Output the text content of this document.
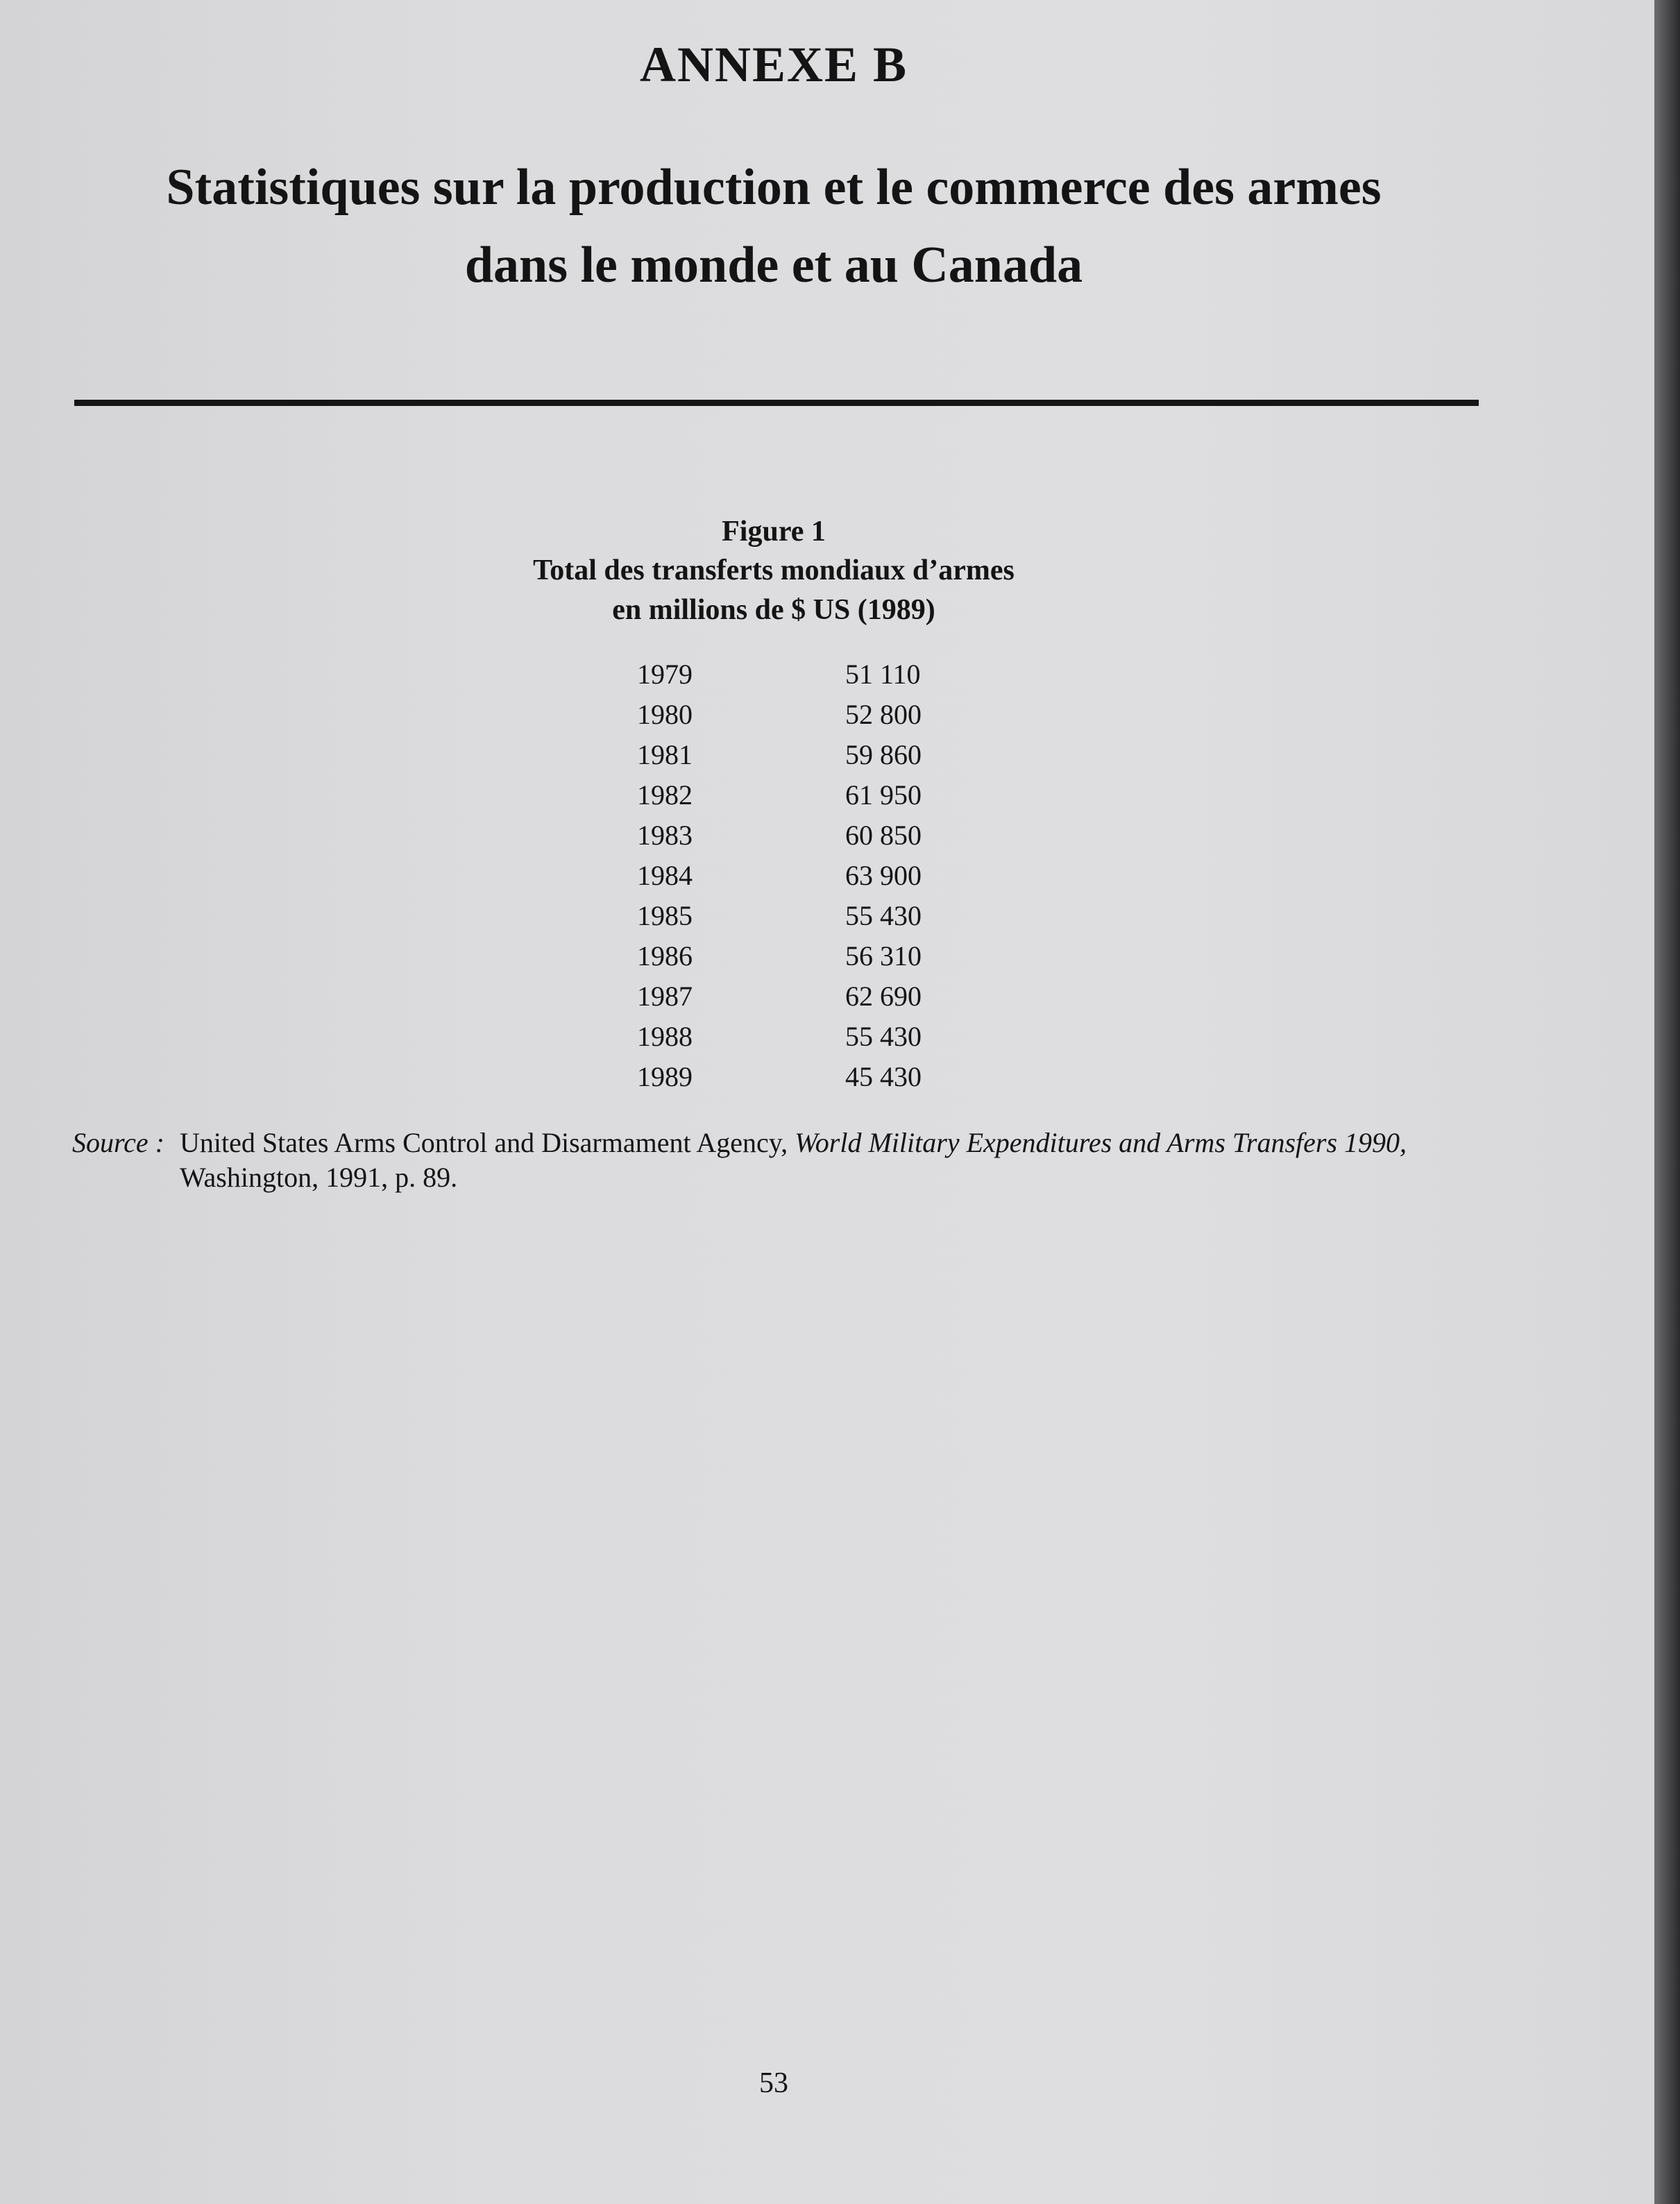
ANNEXE B
Statistiques sur la production et le commerce des armes
dans le monde et au Canada
Figure 1
Total des transferts mondiaux d’armes
en millions de $ US (1989)
1979	51 110
1980	52 800
1981	59 860
1982	61 950
1983	60 850
1984	63 900
1985	55 430
1986	56 310
1987	62 690
1988	55 430
1989	45 430
Source : United States Arms Control and Disarmament Agency, World Military Expenditures and Arms Transfers 1990,
Washington, 1991, p. 89.
53
